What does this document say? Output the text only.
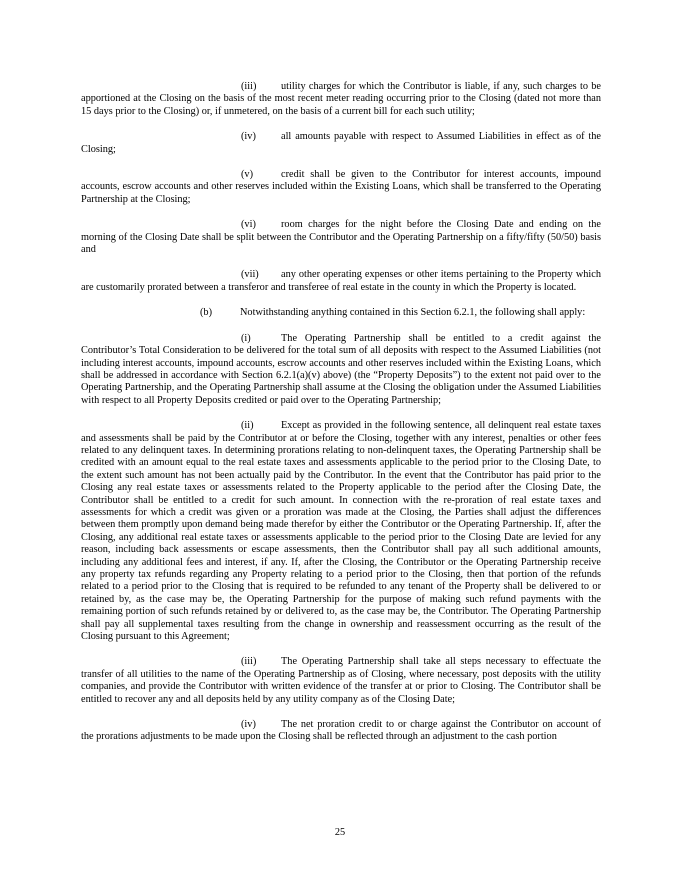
(iii) utility charges for which the Contributor is liable, if any, such charges to be apportioned at the Closing on the basis of the most recent meter reading occurring prior to the Closing (dated not more than 15 days prior to the Closing) or, if unmetered, on the basis of a current bill for each such utility;

(iv) all amounts payable with respect to Assumed Liabilities in effect as of the Closing;

(v)	credit shall be given to the Contributor for interest accounts, impound accounts, escrow accounts and other reserves included within the Existing Loans, which shall be transferred to the Operating Partnership at the Closing;

(vi) room charges for the night before the Closing Date and ending on the morning of the Closing Date shall be split between the Contributor and the Operating Partnership on a fifty/fifty (50/50) basis and

(vii) any other operating expenses or other items pertaining to the Property which are customarily prorated between a transferor and transferee of real estate in the county in which the Property is located.

(b)	Notwithstanding anything contained in this Section 6.2.1, the following shall apply:

(i)	The Operating Partnership shall be entitled to a credit against the Contributor’s Total Consideration to be delivered for the total sum of all deposits with respect to the Assumed Liabilities (not including interest accounts, impound accounts, escrow accounts and other reserves included within the Existing Loans, which shall be addressed in accordance with Section 6.2.1(a)(v) above) (the “Property Deposits”) to the extent not paid over to the Operating Partnership, and the Operating Partnership shall assume at the Closing the obligation under the Assumed Liabilities with respect to all Property Deposits credited or paid over to the Operating Partnership;

(ii)	Except as provided in the following sentence, all delinquent real estate taxes and assessments shall be paid by the Contributor at or before the Closing, together with any interest, penalties or other fees related to any delinquent taxes. In determining prorations relating to non-delinquent taxes, the Operating Partnership shall be credited with an amount equal to the real estate taxes and assessments applicable to the period prior to the Closing Date, to the extent such amount has not been actually paid by the Contributor. In the event that the Contributor has paid prior to the Closing any real estate taxes or assessments related to the Property applicable to the period after the Closing Date, the Contributor shall be entitled to a credit for such amount. In connection with the re-proration of real estate taxes and assessments for which a credit was given or a proration was made at the Closing, the Parties shall adjust the differences between them promptly upon demand being made therefor by either the Contributor or the Operating Partnership. If, after the Closing, any additional real estate taxes or assessments applicable to the period prior to the Closing Date are levied for any reason, including back assessments or escape assessments, then the Contributor shall pay all such additional amounts, including any additional fees and interest, if any. If, after the Closing, the Contributor or the Operating Partnership receive any property tax refunds regarding any Property relating to a period prior to the Closing, then that portion of the refunds related to a period prior to the Closing that is required to be refunded to any tenant of the Property shall be delivered to or retained by, as the case may be, the Operating Partnership for the purpose of making such refund payments with the remaining portion of such refunds retained by or delivered to, as the case may be, the Contributor. The Operating Partnership shall pay all supplemental taxes resulting from the change in ownership and reassessment occurring as the result of the Closing pursuant to this Agreement;

(iii) The Operating Partnership shall take all steps necessary to effectuate the transfer of all utilities to the name of the Operating Partnership as of Closing, where necessary, post deposits with the utility companies, and provide the Contributor with written evidence of the transfer at or prior to Closing. The Contributor shall be entitled to recover any and all deposits held by any utility company as of the Closing Date;

(iv) The net proration credit to or charge against the Contributor on account of the prorations adjustments to be made upon the Closing shall be reflected through an adjustment to the cash portion

25
